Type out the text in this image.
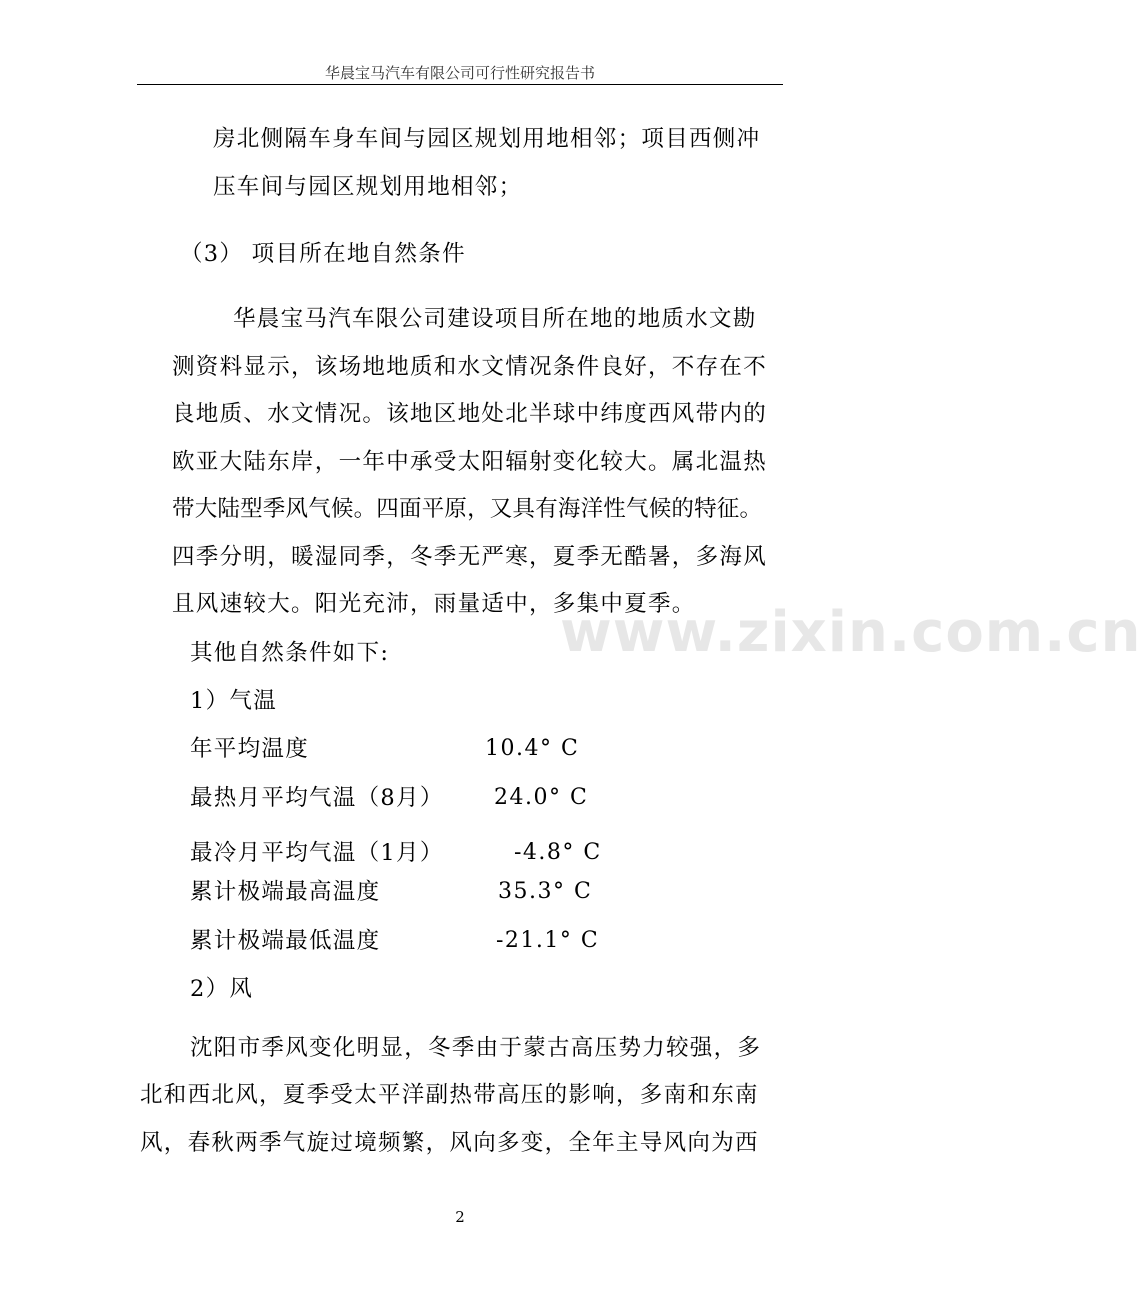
华晨宝马汽车有限公司可行性研究报告书
房北侧隔车身车间与园区规划用地相邻；项目西侧冲
压车间与园区规划用地相邻；
（3） 项目所在地自然条件
华晨宝马汽车限公司建设项目所在地的地质水文勘
测资料显示，该场地地质和水文情况条件良好，不存在不
良地质、水文情况。该地区地处北半球中纬度西风带内的
欧亚大陆东岸，一年中承受太阳辐射变化较大。属北温热
带大陆型季风气候。四面平原，又具有海洋性气候的特征。
四季分明，暖湿同季，冬季无严寒，夏季无酷暑，多海风
且风速较大。阳光充沛，雨量适中，多集中夏季。
www.zixin.com.cn
其他自然条件如下:
1）气温
年平均温度	10.4° C
最热月平均气温（8月） 24.0° C
最冷月平均气温（1月）	-4.8° C
累计极端最高温度	35.3° C
累计极端最低温度	-21.1° C
2）风
沈阳市季风变化明显，冬季由于蒙古高压势力较强，多
北和西北风，夏季受太平洋副热带高压的影响，多南和东南
风，春秋两季气旋过境频繁，风向多变，全年主导风向为西
2
